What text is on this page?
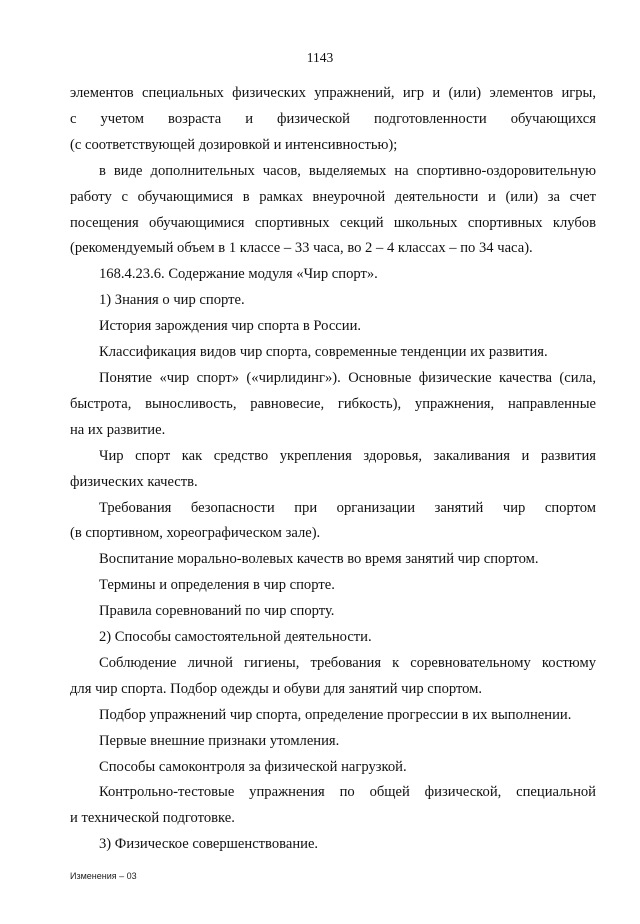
1143
элементов специальных физических упражнений, игр и (или) элементов игры,
с учетом возраста и физической подготовленности обучающихся
(с соответствующей дозировкой и интенсивностью);
в виде дополнительных часов, выделяемых на спортивно-оздоровительную
работу с обучающимися в рамках внеурочной деятельности и (или) за счет
посещения обучающимися спортивных секций школьных спортивных клубов
(рекомендуемый объем в 1 классе – 33 часа, во 2 – 4 классах – по 34 часа).
168.4.23.6. Содержание модуля «Чир спорт».
1) Знания о чир спорте.
История зарождения чир спорта в России.
Классификация видов чир спорта, современные тенденции их развития.
Понятие «чир спорт» («чирлидинг»). Основные физические качества (сила,
быстрота, выносливость, равновесие, гибкость), упражнения, направленные
на их развитие.
Чир спорт как средство укрепления здоровья, закаливания и развития
физических качеств.
Требования безопасности при организации занятий чир спортом
(в спортивном, хореографическом зале).
Воспитание морально-волевых качеств во время занятий чир спортом.
Термины и определения в чир спорте.
Правила соревнований по чир спорту.
2) Способы самостоятельной деятельности.
Соблюдение личной гигиены, требования к соревновательному костюму
для чир спорта. Подбор одежды и обуви для занятий чир спортом.
Подбор упражнений чир спорта, определение прогрессии в их выполнении.
Первые внешние признаки утомления.
Способы самоконтроля за физической нагрузкой.
Контрольно-тестовые упражнения по общей физической, специальной
и технической подготовке.
3) Физическое совершенствование.
Изменения – 03
